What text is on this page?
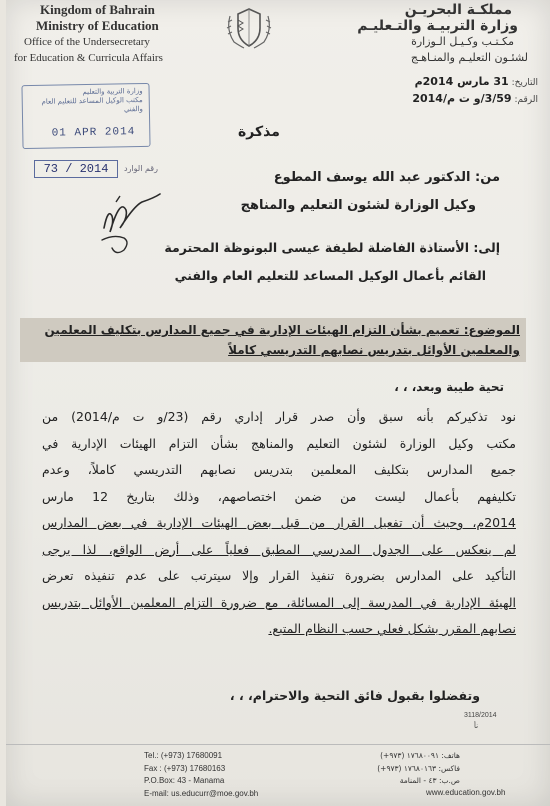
Kingdom of Bahrain
Ministry of Education
Office of the Undersecretary
for Education & Curricula Affairs
مملكـة البحريـن
وزارة التربيـة والتـعليـم
مكـتـب وكـيـل الـوزارة
لشئـون التعليـم والمنـاهـج
التاريخ: 31 مارس 2014م
الرقم: 3/59/و ت م/2014
وزارة التربية والتعليم
مكتب الوكيل المساعد للتعليم العام والفني
01 APR 2014
73 / 2014	رقم الوارد
مذكرة
من: الدكتور عبد الله يوسف المطوع
وكيل الوزارة لشئون التعليم والمناهج
إلى: الأستاذة الفاضلة لطيفة عيسى البونوظة المحترمة
القائم بأعمال الوكيل المساعد للتعليم العام والفني
الموضوع: تعميم بشأن التزام الهيئات الإدارية في جميع المدارس بتكليف المعلمين
والمعلمين الأوائل بتدريس نصابهم التدريسي كاملاً
تحية طيبة وبعد، ، ،
نود تذكيركم بأنه سبق وأن صدر قرار إداري رقم (23/و ت م/2014) من
مكتب وكيل الوزارة لشئون التعليم والمناهج بشأن التزام الهيئات الإدارية في
جميع المدارس بتكليف المعلمين بتدريس نصابهم التدريسي كاملاً، وعدم
تكليفهم بأعمال ليست من ضمن اختصاصهم، وذلك بتاريخ 12 مارس
2014م، وحيث أن تفعيل القرار من قبل بعض الهيئات الإدارية في بعض المدارس
لم ينعكس على الجدول المدرسي المطبق فعلياً على أرض الواقع، لذا يرجى
التأكيد على المدارس بضرورة تنفيذ القرار وإلا سيترتب على عدم تنفيذه تعرض
الهيئة الإدارية في المدرسة إلى المسائلة، مع ضرورة التزام المعلمين الأوائل بتدريس
نصابهم المقرر بشكل فعلي حسب النظام المتبع.
وتفضلوا بقبول فائق التحية والاحترام، ، ،
3118/2014
نأ
Tel.: (+973) 17680091
Fax : (+973) 17680163
P.O.Box: 43 - Manama
E-mail: us.educurr@moe.gov.bh
هاتف: ١٧٦٨٠٠٩١ (٩٧٣+)
فاكس: ١٧٦٨٠١٦٣ (٩٧٣+)
ص.ب: ٤٣ - المنامة
www.education.gov.bh
